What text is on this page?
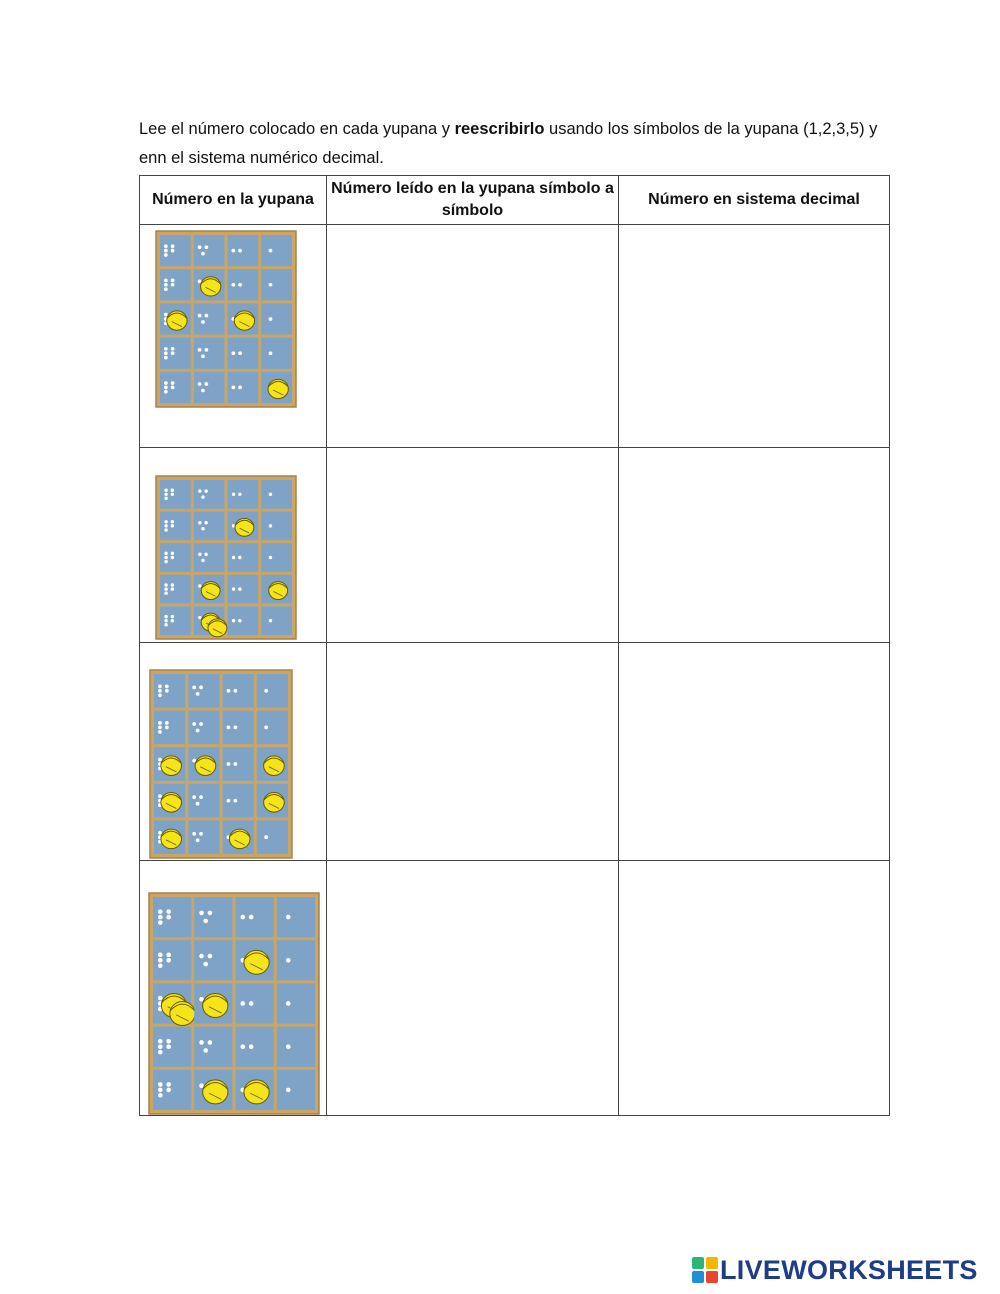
Lee el número colocado en cada yupana y reescribirlo usando los símbolos de la yupana (1,2,3,5) y enn el sistema numérico decimal.

Número en la yupana	Número leído en la yupana símbolo a símbolo	Número en sistema decimal

LIVEWORKSHEETS
